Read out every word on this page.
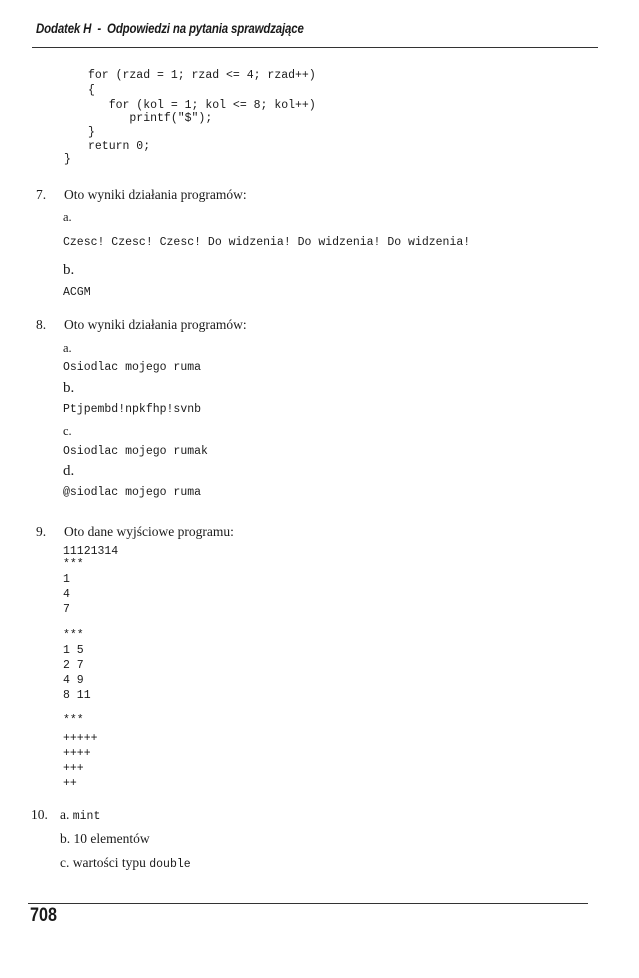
Dodatek H  -  Odpowiedzi na pytania sprawdzające
for (rzad = 1; rzad <= 4; rzad++)
{
for (kol = 1; kol <= 8; kol++)
printf("$");
}
return 0;
}
7. Oto wyniki działania programów:
a.
Czesc! Czesc! Czesc! Do widzenia! Do widzenia! Do widzenia!
b.
ACGM
8. Oto wyniki działania programów:
a.
Osiodlac mojego ruma
b.
Ptjpembd!npkfhp!svnb
c.
Osiodlac mojego rumak
d.
@siodlac mojego ruma
9. Oto dane wyjściowe programu:
11121314
***
1
4
7
***
1 5
2 7
4 9
8 11
***
+++++
++++
+++
++
10. a. mint
b. 10 elementów
c. wartości typu double
708
